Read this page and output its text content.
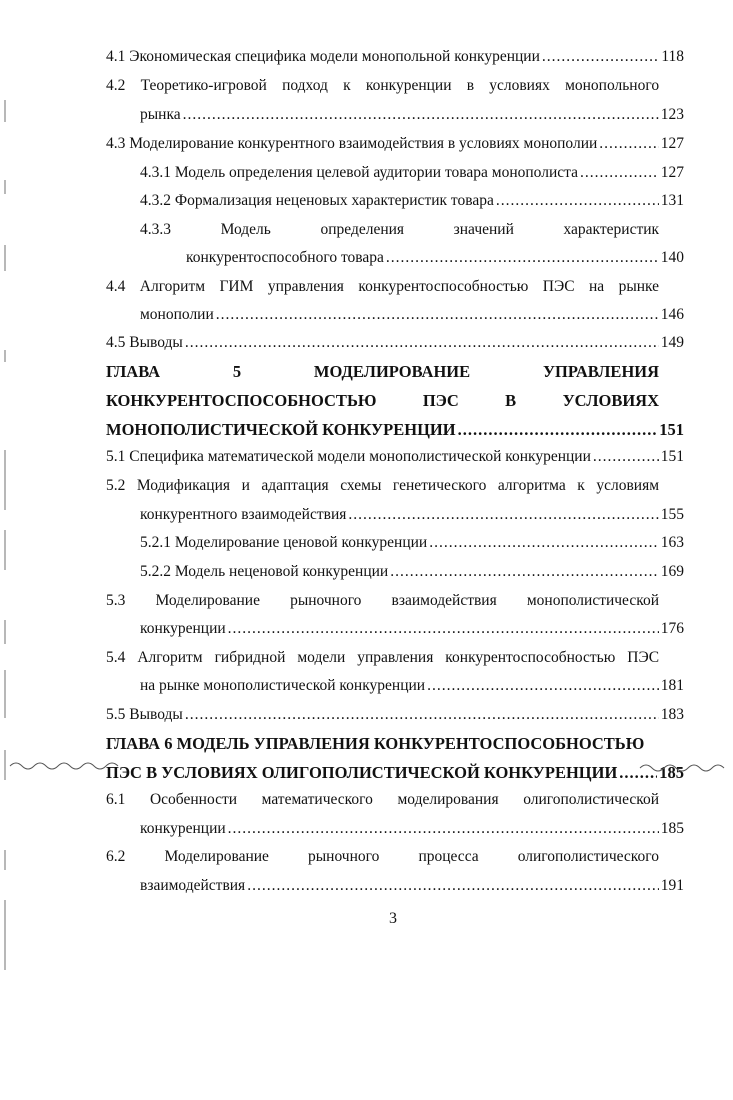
4.1 Экономическая специфика модели монопольной конкуренции .....	118
4.2 Теоретико-игровой подход к конкуренции в условиях монопольного
рынка .....	123
4.3 Моделирование конкурентного взаимодействия в условиях монополии .....	127
4.3.1 Модель определения целевой аудитории товара монополиста .....	127
4.3.2 Формализация неценовых характеристик товара .....	131
4.3.3	Модель	определения	значений	характеристик
конкурентоспособного товара .....	140
4.4 Алгоритм ГИМ управления конкурентоспособностью ПЭС на рынке
монополии .....	146
4.5 Выводы .....	149
ГЛАВА	5	МОДЕЛИРОВАНИЕ	УПРАВЛЕНИЯ
КОНКУРЕНТОСПОСОБНОСТЬЮ	ПЭС	В	УСЛОВИЯХ
МОНОПОЛИСТИЧЕСКОЙ КОНКУРЕНЦИИ .....	151
5.1 Специфика математической модели монополистической конкуренции .....	151
5.2 Модификация и адаптация схемы генетического алгоритма к условиям
конкурентного взаимодействия .....	155
5.2.1 Моделирование ценовой конкуренции .....	163
5.2.2 Модель неценовой конкуренции .....	169
5.3 Моделирование рыночного взаимодействия монополистической
конкуренции .....	176
5.4 Алгоритм гибридной модели управления конкурентоспособностью ПЭС
на рынке монополистической конкуренции .....	181
5.5 Выводы .....	183
ГЛАВА 6 МОДЕЛЬ УПРАВЛЕНИЯ КОНКУРЕНТОСПОСОБНОСТЬЮ
ПЭС В УСЛОВИЯХ ОЛИГОПОЛИСТИЧЕСКОЙ КОНКУРЕНЦИИ .....	185
6.1 Особенности математического моделирования олигополистической
конкуренции .....	185
6.2	Моделирование	рыночного	процесса	олигополистического
взаимодействия .....	191
3
